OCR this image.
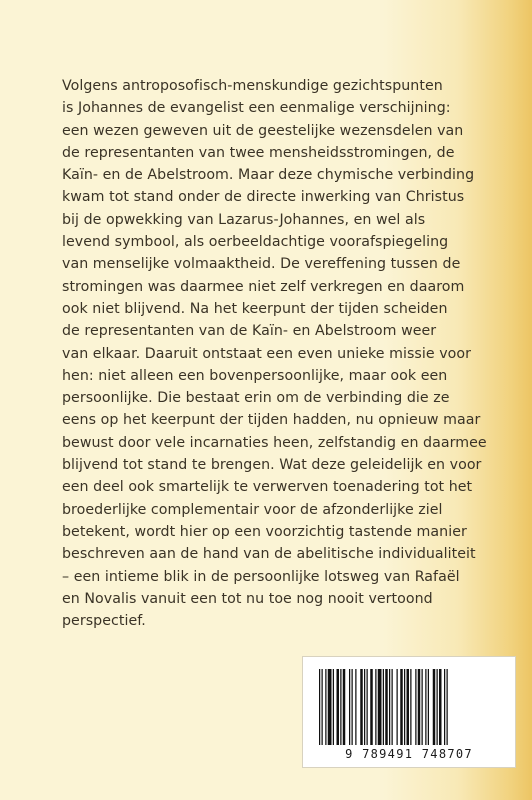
Volgens antroposofisch-menskundige gezichtspunten
is Johannes de evangelist een eenmalige verschijning:
een wezen geweven uit de geestelijke wezensdelen van
de representanten van twee mensheidsstromingen, de
Kaïn- en de Abelstroom. Maar deze chymische verbinding
kwam tot stand onder de directe inwerking van Christus
bij de opwekking van Lazarus-Johannes, en wel als
levend symbool, als oerbeeldachtige voorafspiegeling
van menselijke volmaaktheid. De vereffening tussen de
stromingen was daarmee niet zelf verkregen en daarom
ook niet blijvend. Na het keerpunt der tijden scheiden
de representanten van de Kaïn- en Abelstroom weer
van elkaar. Daaruit ontstaat een even unieke missie voor
hen: niet alleen een bovenpersoonlijke, maar ook een
persoonlijke. Die bestaat erin om de verbinding die ze
eens op het keerpunt der tijden hadden, nu opnieuw maar
bewust door vele incarnaties heen, zelfstandig en daarmee
blijvend tot stand te brengen. Wat deze geleidelijk en voor
een deel ook smartelijk te verwerven toenadering tot het
broederlijke complementair voor de afzonderlijke ziel
betekent, wordt hier op een voorzichtig tastende manier
beschreven aan de hand van de abelitische individualiteit
– een intieme blik in de persoonlijke lotsweg van Rafaël
en Novalis vanuit een tot nu toe nog nooit vertoond
perspectief.
9 789491 748707
